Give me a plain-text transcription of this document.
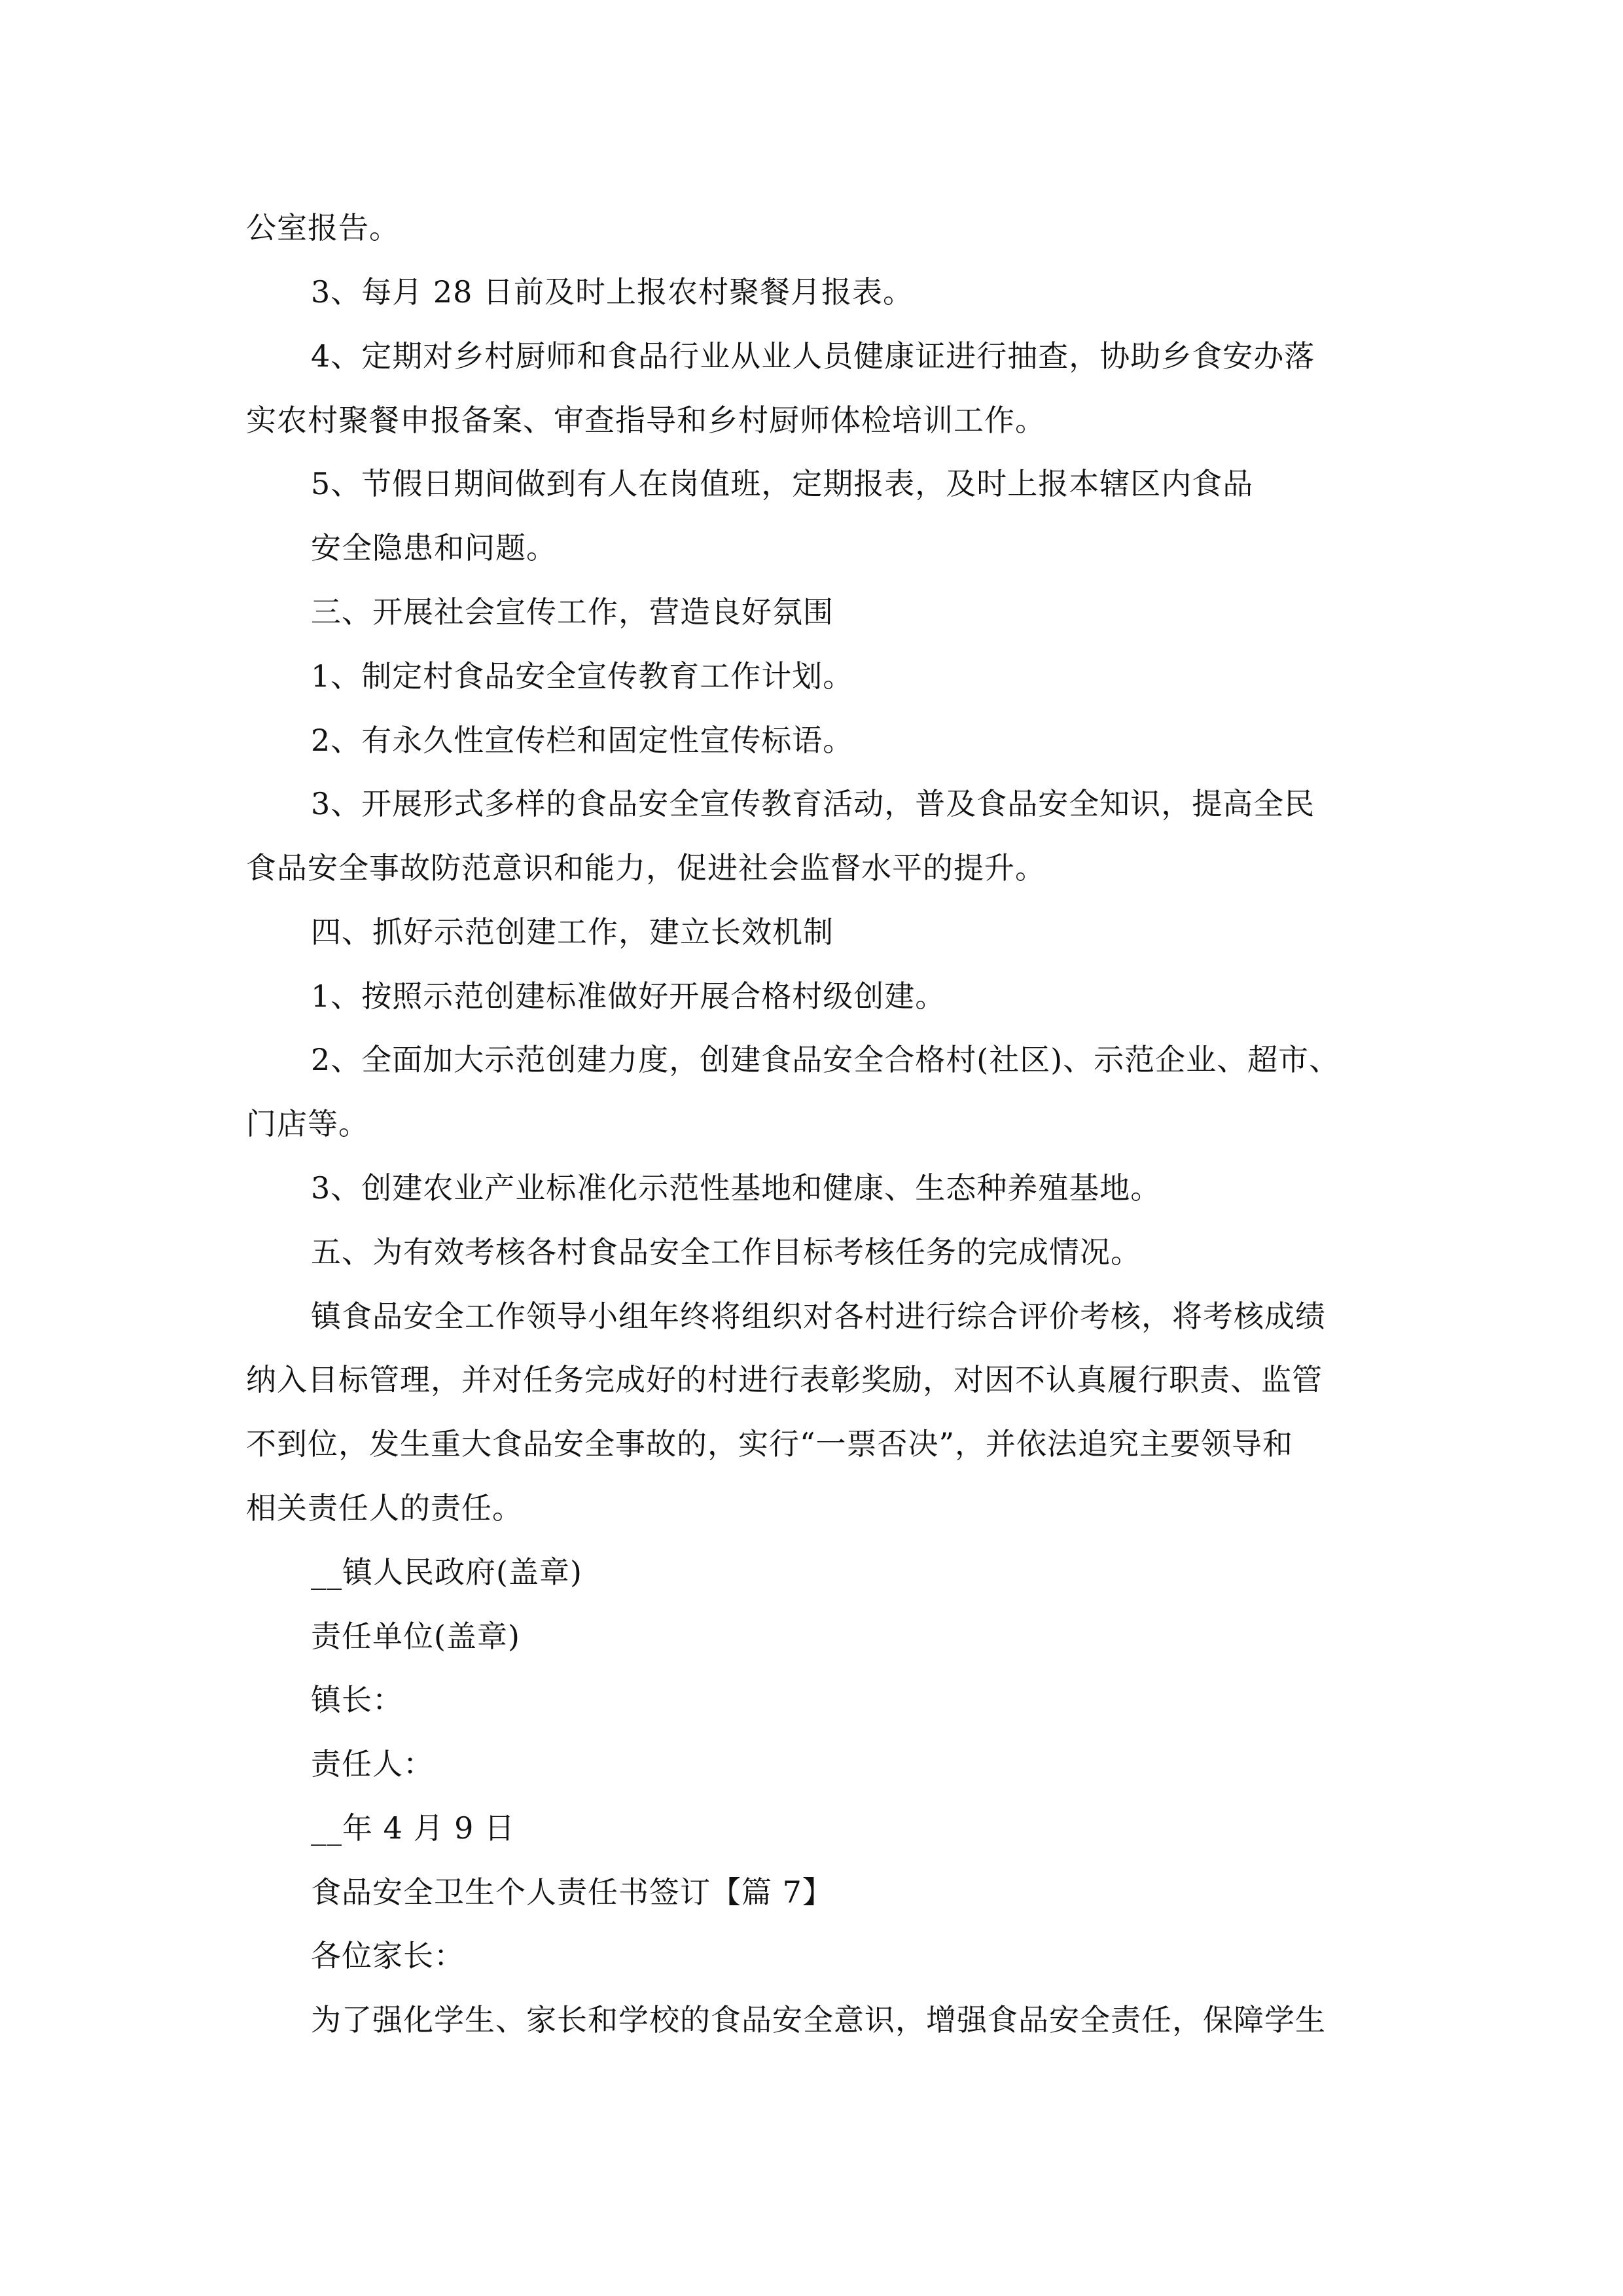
公室报告。
3、每月 28 日前及时上报农村聚餐月报表。
4、定期对乡村厨师和食品行业从业人员健康证进行抽查，协助乡食安办落
实农村聚餐申报备案、审查指导和乡村厨师体检培训工作。
5、节假日期间做到有人在岗值班，定期报表，及时上报本辖区内食品
安全隐患和问题。
三、开展社会宣传工作，营造良好氛围
1、制定村食品安全宣传教育工作计划。
2、有永久性宣传栏和固定性宣传标语。
3、开展形式多样的食品安全宣传教育活动，普及食品安全知识，提高全民
食品安全事故防范意识和能力，促进社会监督水平的提升。
四、抓好示范创建工作，建立长效机制
1、按照示范创建标准做好开展合格村级创建。
2、全面加大示范创建力度，创建食品安全合格村(社区)、示范企业、超市、
门店等。
3、创建农业产业标准化示范性基地和健康、生态种养殖基地。
五、为有效考核各村食品安全工作目标考核任务的完成情况。
镇食品安全工作领导小组年终将组织对各村进行综合评价考核，将考核成绩
纳入目标管理，并对任务完成好的村进行表彰奖励，对因不认真履行职责、监管
不到位，发生重大食品安全事故的，实行“一票否决”，并依法追究主要领导和
相关责任人的责任。
__镇人民政府(盖章)
责任单位(盖章)
镇长：
责任人：
__年 4 月 9 日
食品安全卫生个人责任书签订【篇 7】
各位家长：
为了强化学生、家长和学校的食品安全意识，增强食品安全责任，保障学生
